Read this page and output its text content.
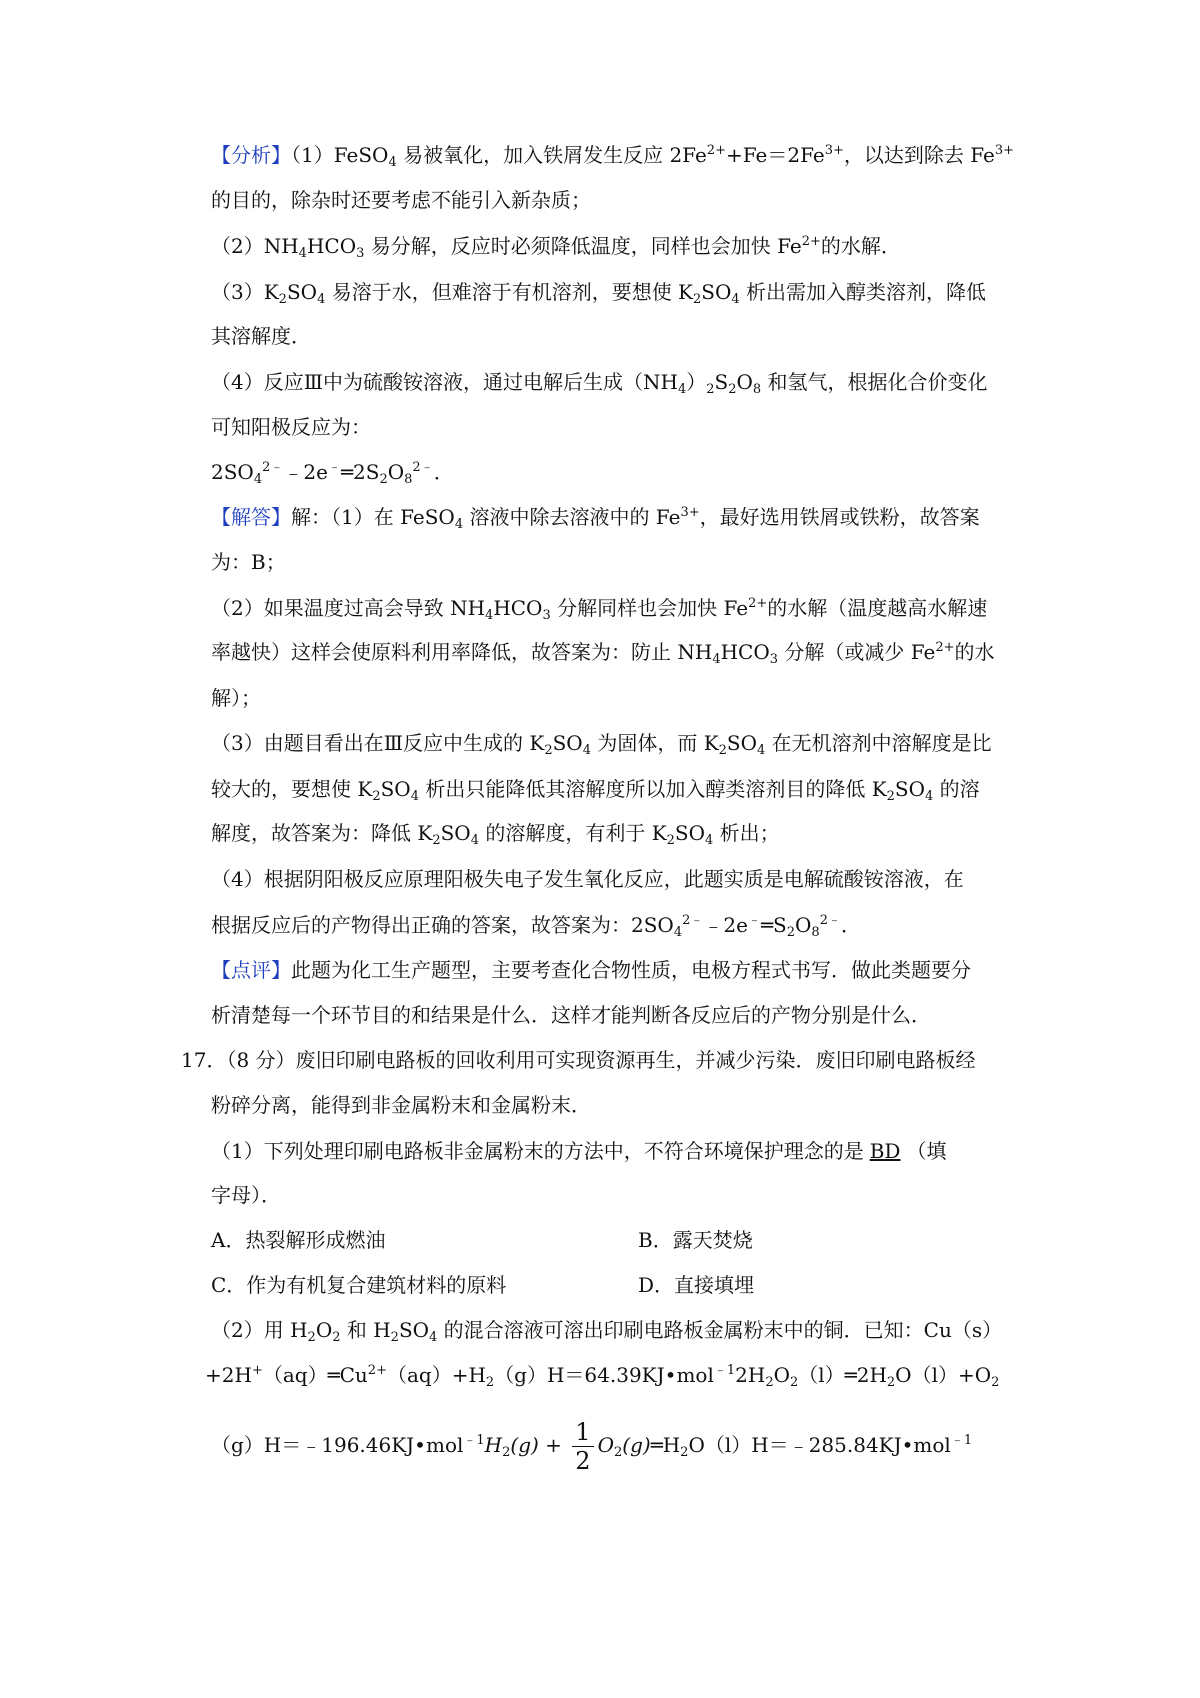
【分析】（1）FeSO$_4$ 易被氧化，加入铁屑发生反应 $2Fe^{2+}+Fe=2Fe^{3+}$，以达到除去 $Fe^{3+}$
的目的，除杂时还要考虑不能引入新杂质；
$(2)NH_4HCO_3$ 易分解，反应时必须降低温度，同样也会加快 $Fe^{2+}$的水解．
$(3)K_2SO_4$ 易溶于水，但难溶于有机溶剂，要想使 $K_2SO_4$ 析出需加入醇类溶剂，降低
其溶解度．
（4）反应Ⅲ中为硫酸铵溶液，通过电解后生成$(NH_4)_2S_2O_8$ 和氢气，根据化合价变化
可知阳极反应为：
$2SO_4^{2﹣}﹣2e^﹣═2S_2O_8^{2﹣}$．
【解答】解：（1）在 FeSO$_4$ 溶液中除去溶液中的 $Fe^{3+}$，最好选用铁屑或铁粉，故答案
为：B；
（2）如果温度过高会导致 $NH_4HCO_3$ 分解同样也会加快 $Fe^{2+}$的水解（温度越高水解速
率越快）这样会使原料利用率降低，故答案为：防止 $NH_4HCO_3$ 分解（或减少 $Fe^{2+}$的水
解）；
（3）由题目看出在Ⅲ反应中生成的 $K_2SO_4$ 为固体，而 $K_2SO_4$ 在无机溶剂中溶解度是比
较大的，要想使 $K_2SO_4$ 析出只能降低其溶解度所以加入醇类溶剂目的降低 $K_2SO_4$ 的溶
解度，故答案为：降低 $K_2SO_4$ 的溶解度，有利于 $K_2SO_4$ 析出；
（4）根据阴阳极反应原理阳极失电子发生氧化反应，此题实质是电解硫酸铵溶液，在
根据反应后的产物得出正确的答案，故答案为：$2SO_4^{2﹣}﹣2e^﹣═S_2O_8^{2﹣}$．
【点评】此题为化工生产题型，主要考查化合物性质，电极方程式书写．做此类题要分
析清楚每一个环节目的和结果是什么．这样才能判断各反应后的产物分别是什么．
17．（8 分）废旧印刷电路板的回收利用可实现资源再生，并减少污染．废旧印刷电路板经
粉碎分离，能得到非金属粉末和金属粉末．
（1）下列处理印刷电路板非金属粉末的方法中，不符合环境保护理念的是 BD （填
字母）．
A．热裂解形成燃油	B．露天焚烧
C．作为有机复合建筑材料的原料	D．直接填埋
（2）用 $H_2O_2$ 和 $H_2SO_4$ 的混合溶液可溶出印刷电路板金属粉末中的铜．已知：Cu（s）
$+2H^+(aq)═Cu^{2+}(aq)+H_2(g)H=64.39KJ•mol^{﹣1}2H_2O_2(l)═2H_2O(l)+O_2$
$(g)H=﹣196.46KJ•mol^{﹣1}H_2(g) + \frac{1}{2}$ $O_2(g)═H_2O(l)H=﹣285.84KJ•mol^{﹣1}$
